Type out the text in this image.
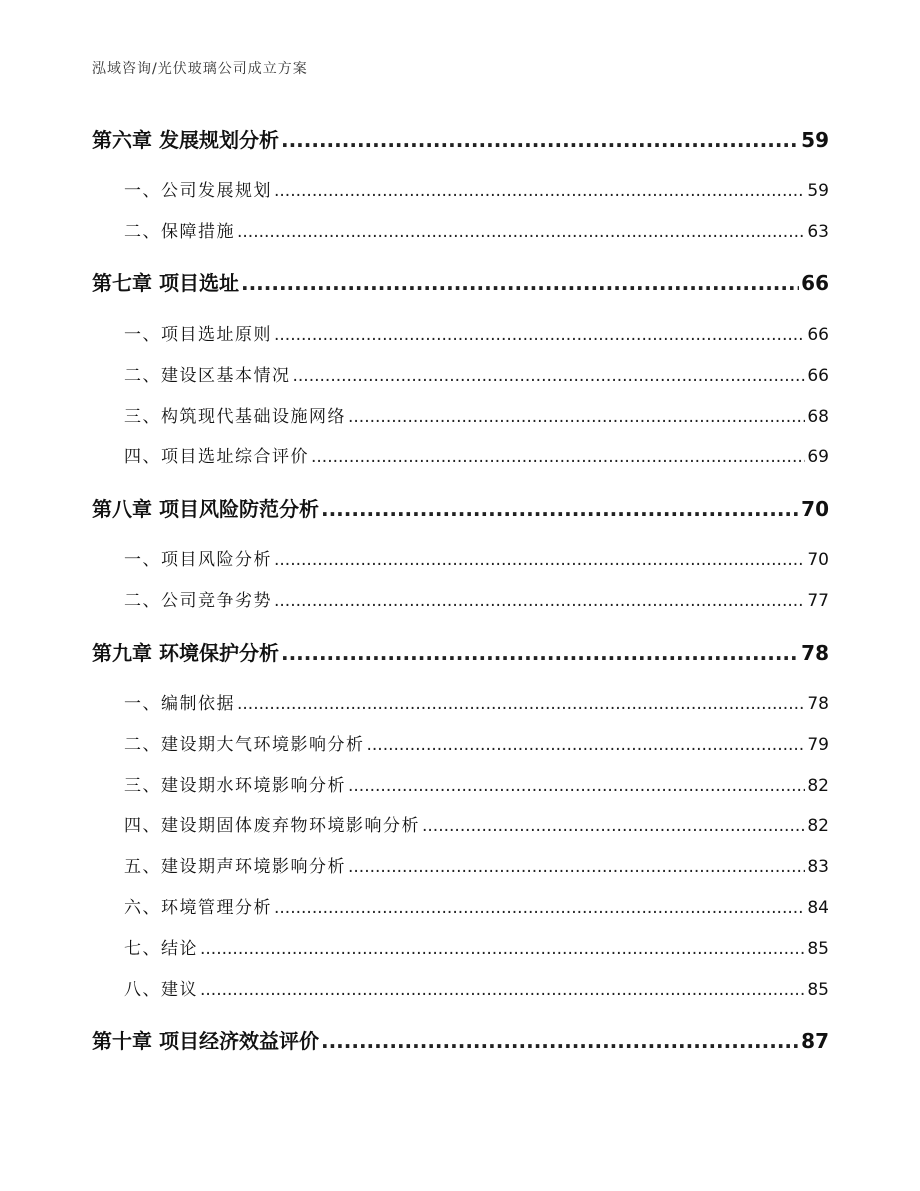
泓域咨询/光伏玻璃公司成立方案
第六章 发展规划分析 .....	59
一、 公司发展规划 .....	59
二、 保障措施 .....	63
第七章 项目选址 .....	66
一、 项目选址原则 .....	66
二、 建设区基本情况 .....	66
三、 构筑现代基础设施网络 .....	68
四、 项目选址综合评价 .....	69
第八章 项目风险防范分析 .....	70
一、 项目风险分析 .....	70
二、 公司竞争劣势 .....	77
第九章 环境保护分析 .....	78
一、 编制依据 .....	78
二、 建设期大气环境影响分析 .....	79
三、 建设期水环境影响分析 .....	82
四、 建设期固体废弃物环境影响分析 .....	82
五、 建设期声环境影响分析 .....	83
六、 环境管理分析 .....	84
七、 结论 .....	85
八、 建议 .....	85
第十章 项目经济效益评价 .....	87
